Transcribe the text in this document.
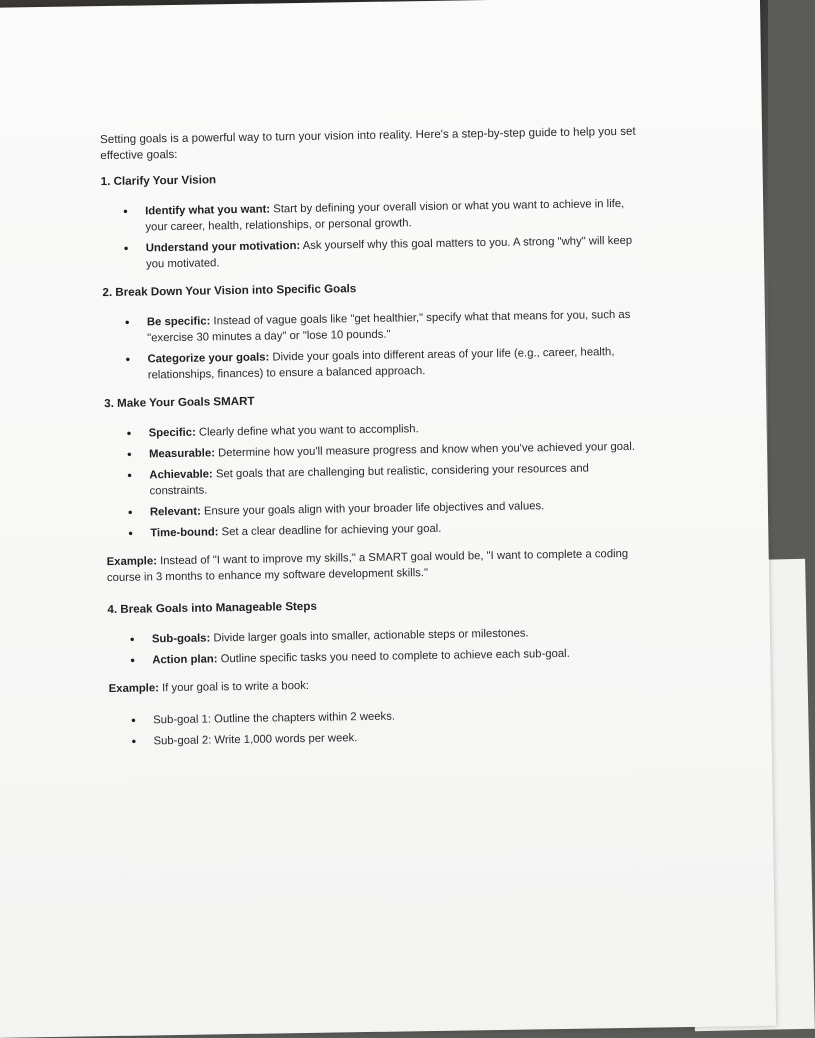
Setting goals is a powerful way to turn your vision into reality. Here's a step-by-step guide to help you set effective goals:

1. Clarify Your Vision
• Identify what you want: Start by defining your overall vision or what you want to achieve in life, your career, health, relationships, or personal growth.
• Understand your motivation: Ask yourself why this goal matters to you. A strong "why" will keep you motivated.
2. Break Down Your Vision into Specific Goals
• Be specific: Instead of vague goals like "get healthier," specify what that means for you, such as "exercise 30 minutes a day" or "lose 10 pounds."
• Categorize your goals: Divide your goals into different areas of your life (e.g., career, health, relationships, finances) to ensure a balanced approach.
3. Make Your Goals SMART
• Specific: Clearly define what you want to accomplish.
• Measurable: Determine how you'll measure progress and know when you've achieved your goal.
• Achievable: Set goals that are challenging but realistic, considering your resources and constraints.
• Relevant: Ensure your goals align with your broader life objectives and values.
• Time-bound: Set a clear deadline for achieving your goal.

Example: Instead of "I want to improve my skills," a SMART goal would be, "I want to complete a coding course in 3 months to enhance my software development skills."

4. Break Goals into Manageable Steps
• Sub-goals: Divide larger goals into smaller, actionable steps or milestones.
• Action plan: Outline specific tasks you need to complete to achieve each sub-goal.

Example: If your goal is to write a book:

• Sub-goal 1: Outline the chapters within 2 weeks.
• Sub-goal 2: Write 1,000 words per week.
